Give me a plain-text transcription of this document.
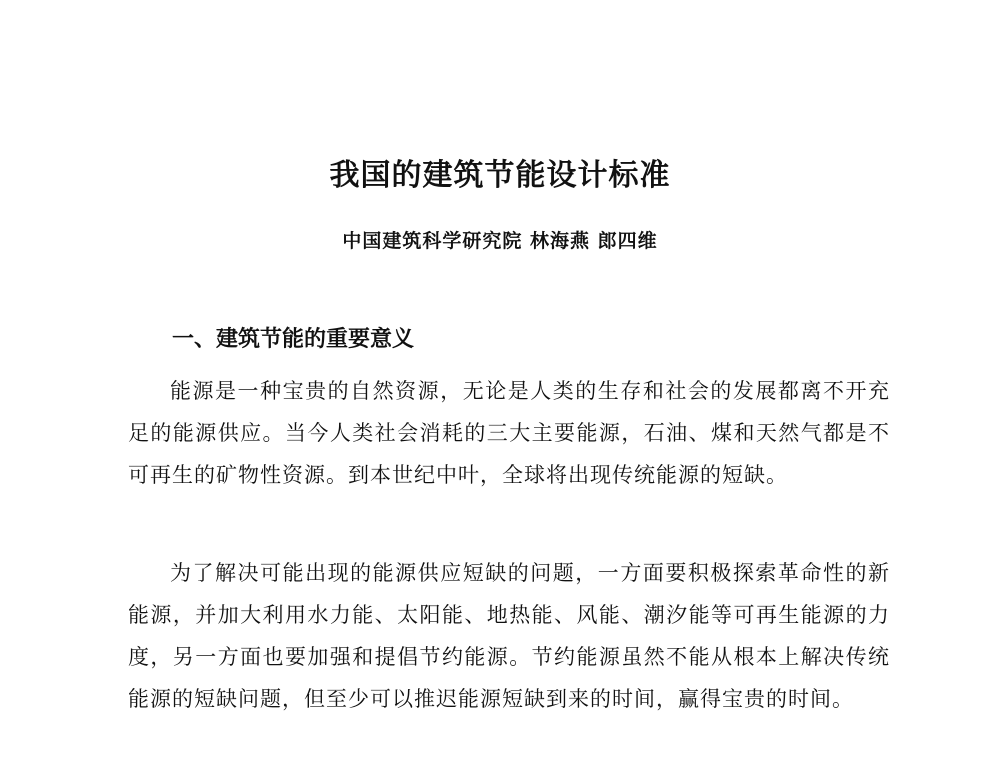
我国的建筑节能设计标准
中国建筑科学研究院 林海燕 郎四维
一、建筑节能的重要意义

能源是一种宝贵的自然资源，无论是人类的生存和社会的发展都离不开充足的能源供应。当今人类社会消耗的三大主要能源，石油、煤和天然气都是不可再生的矿物性资源。到本世纪中叶，全球将出现传统能源的短缺。

为了解决可能出现的能源供应短缺的问题，一方面要积极探索革命性的新能源，并加大利用水力能、太阳能、地热能、风能、潮汐能等可再生能源的力度，另一方面也要加强和提倡节约能源。节约能源虽然不能从根本上解决传统能源的短缺问题，但至少可以推迟能源短缺到来的时间，赢得宝贵的时间。
